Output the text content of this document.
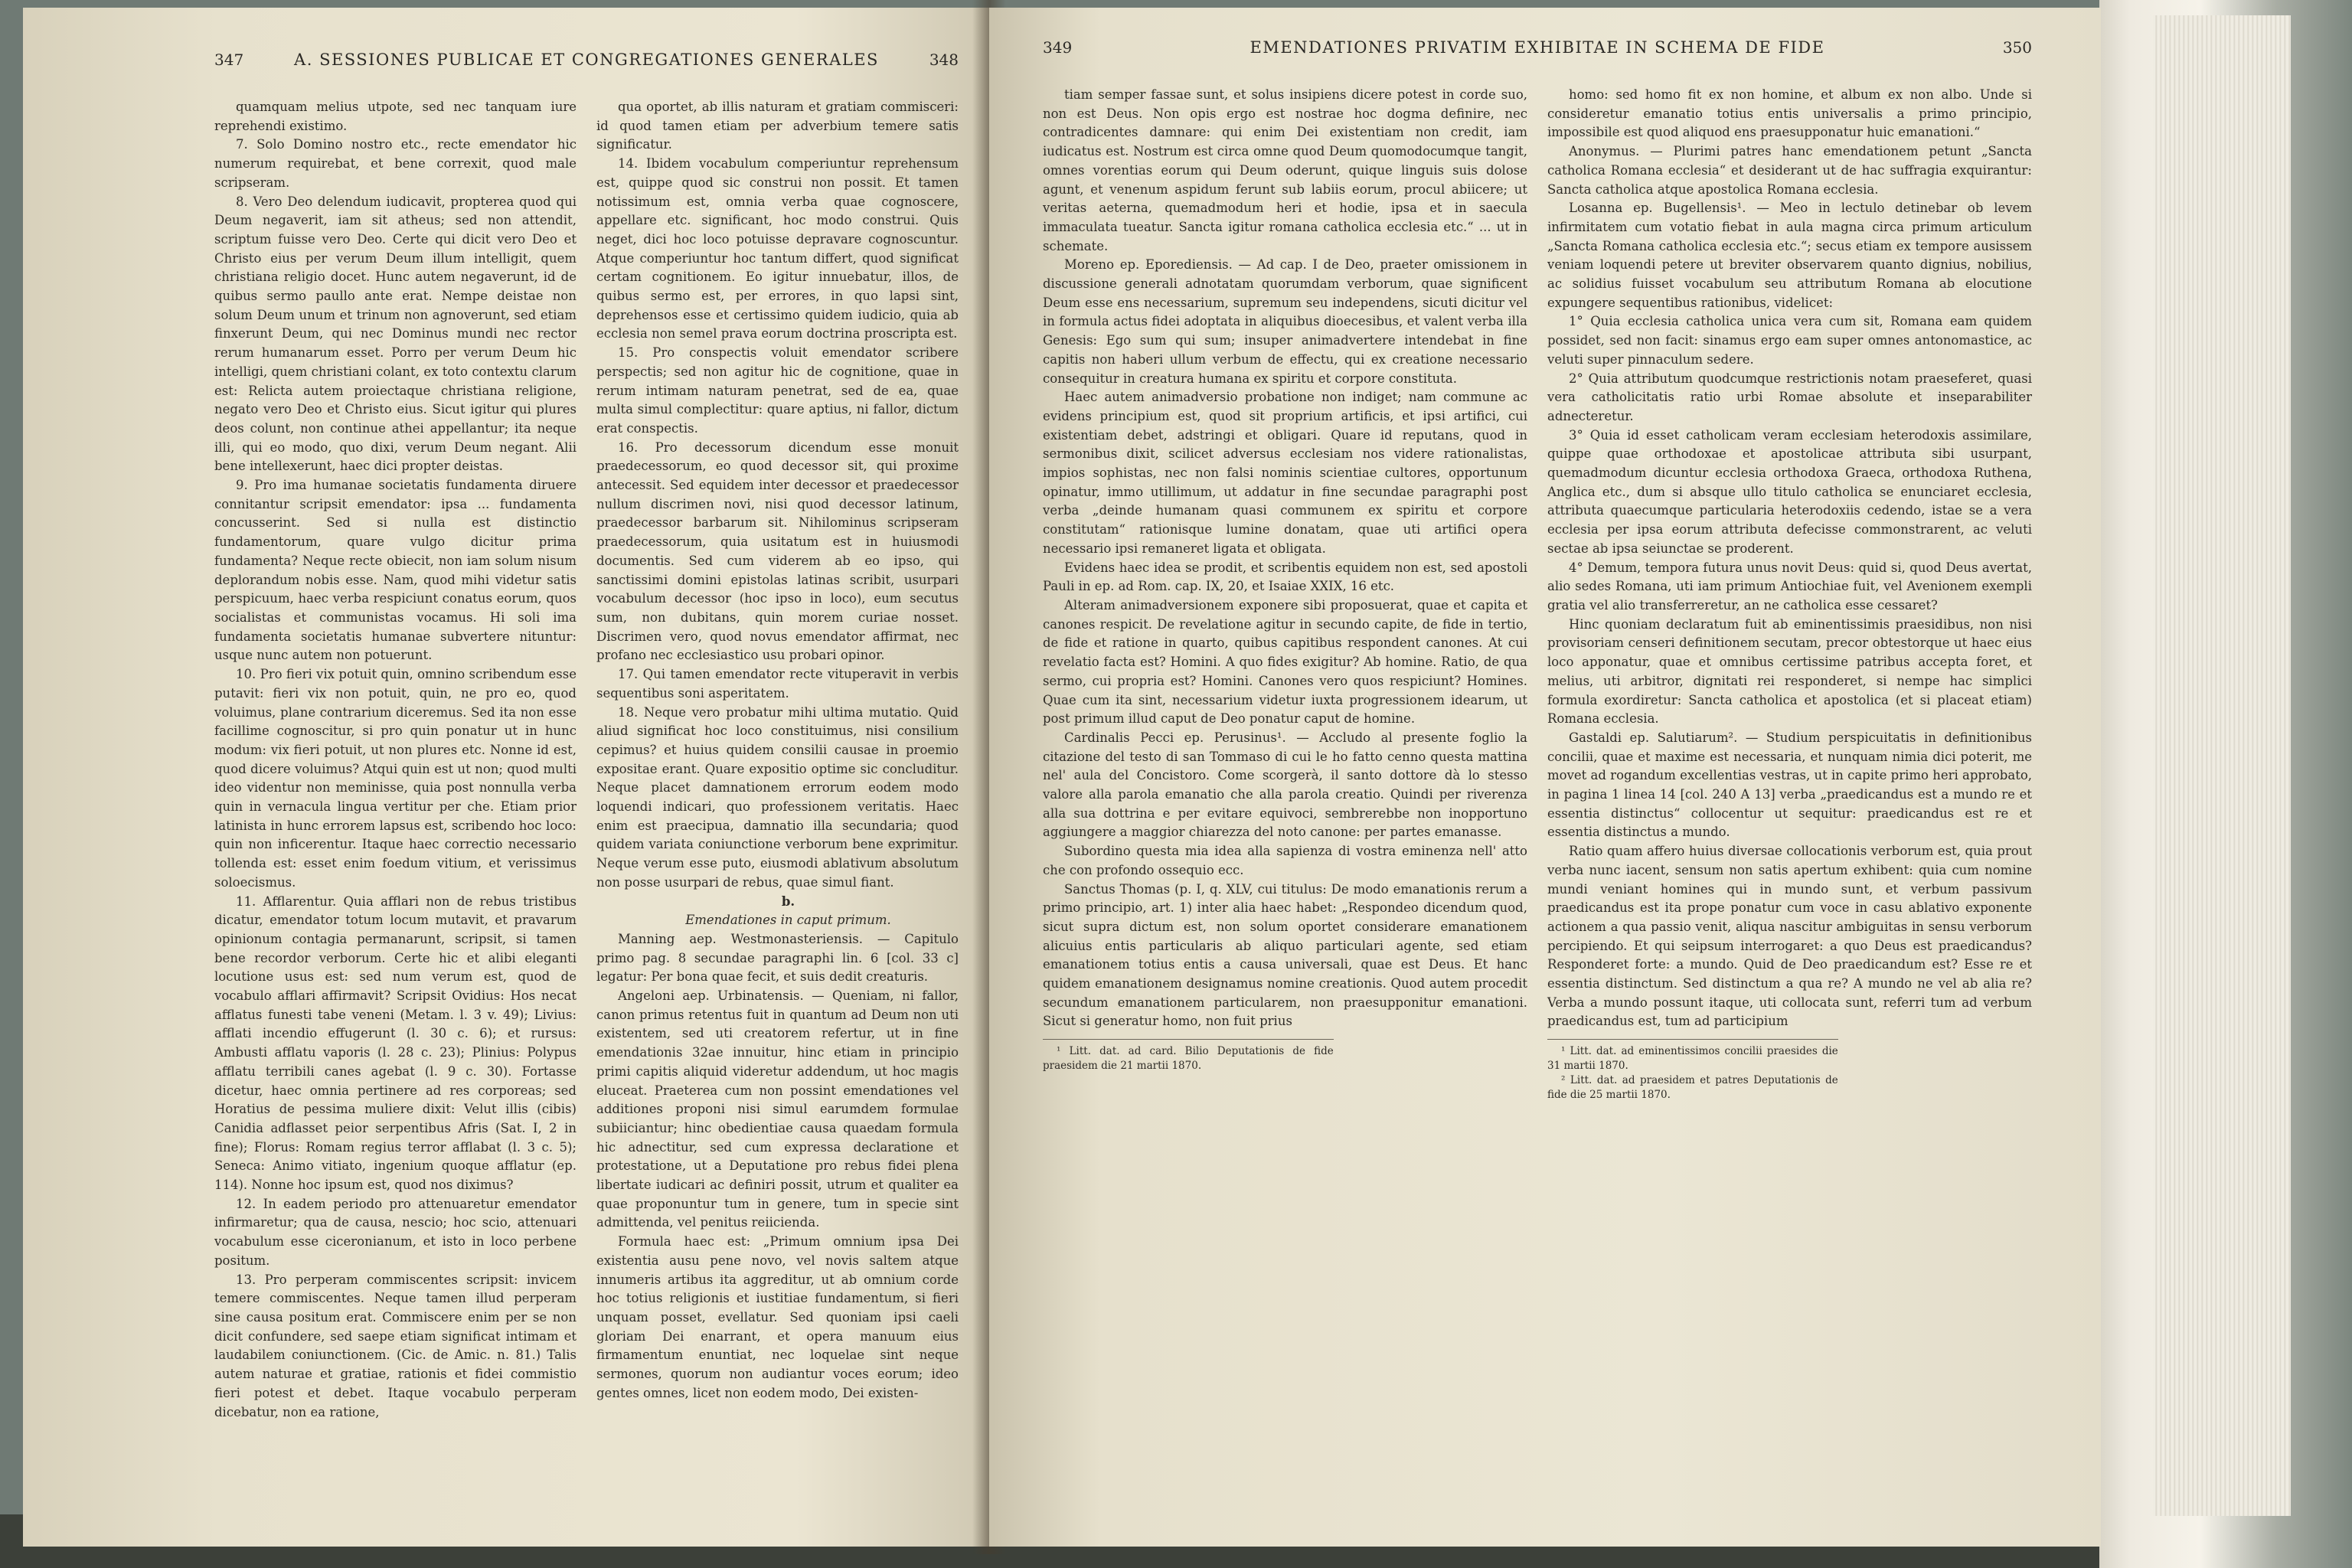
347	A. SESSIONES PUBLICAE ET CONGREGATIONES GENERALES	348

quamquam melius utpote, sed nec tanquam iure reprehendi existimo.

7. Solo Domino nostro etc., recte emendator hic numerum requirebat, et bene correxit, quod male scripseram.

8. Vero Deo delendum iudicavit, propterea quod qui Deum negaverit, iam sit atheus; sed non attendit, scriptum fuisse vero Deo. Certe qui dicit vero Deo et Christo eius per verum Deum illum intelligit, quem christiana religio docet. Hunc autem negaverunt, id de quibus sermo paullo ante erat. Nempe deistae non solum Deum unum et trinum non agnoverunt, sed etiam finxerunt Deum, qui nec Dominus mundi nec rector rerum humanarum esset. Porro per verum Deum hic intelligi, quem christiani colant, ex toto contextu clarum est: Relicta autem proiectaque christiana religione, negato vero Deo et Christo eius. Sicut igitur qui plures deos colunt, non continue athei appellantur; ita neque illi, qui eo modo, quo dixi, verum Deum negant. Alii bene intellexerunt, haec dici propter deistas.

9. Pro ima humanae societatis fundamenta diruere connitantur scripsit emendator: ipsa ... fundamenta concusserint. Sed si nulla est distinctio fundamentorum, quare vulgo dicitur prima fundamenta? Neque recte obiecit, non iam solum nisum deplorandum nobis esse. Nam, quod mihi videtur satis perspicuum, haec verba respiciunt conatus eorum, quos socialistas et communistas vocamus. Hi soli ima fundamenta societatis humanae subvertere nituntur: usque nunc autem non potuerunt.

10. Pro fieri vix potuit quin, omnino scribendum esse putavit: fieri vix non potuit, quin, ne pro eo, quod voluimus, plane contrarium diceremus. Sed ita non esse facillime cognoscitur, si pro quin ponatur ut in hunc modum: vix fieri potuit, ut non plures etc. Nonne id est, quod dicere voluimus? Atqui quin est ut non; quod multi ideo videntur non meminisse, quia post nonnulla verba quin in vernacula lingua vertitur per che. Etiam prior latinista in hunc errorem lapsus est, scribendo hoc loco: quin non inficerentur. Itaque haec correctio necessario tollenda est: esset enim foedum vitium, et verissimus soloecismus.

11. Afflarentur. Quia afflari non de rebus tristibus dicatur, emendator totum locum mutavit, et pravarum opinionum contagia permanarunt, scripsit, si tamen bene recordor verborum. Certe hic et alibi eleganti locutione usus est: sed num verum est, quod de vocabulo afflari affirmavit? Scripsit Ovidius: Hos necat afflatus funesti tabe veneni (Metam. l. 3 v. 49); Livius: afflati incendio effugerunt (l. 30 c. 6); et rursus: Ambusti afflatu vaporis (l. 28 c. 23); Plinius: Polypus afflatu terribili canes agebat (l. 9 c. 30). Fortasse dicetur, haec omnia pertinere ad res corporeas; sed Horatius de pessima muliere dixit: Velut illis (cibis) Canidia adflasset peior serpentibus Afris (Sat. I, 2 in fine); Florus: Romam regius terror afflabat (l. 3 c. 5); Seneca: Animo vitiato, ingenium quoque afflatur (ep. 114). Nonne hoc ipsum est, quod nos diximus?

12. In eadem periodo pro attenuaretur emendator infirmaretur; qua de causa, nescio; hoc scio, attenuari vocabulum esse ciceronianum, et isto in loco perbene positum.

13. Pro perperam commiscentes scripsit: invicem temere commiscentes. Neque tamen illud perperam sine causa positum erat. Commiscere enim per se non dicit confundere, sed saepe etiam significat intimam et laudabilem coniunctionem. (Cic. de Amic. n. 81.) Talis autem naturae et gratiae, rationis et fidei commistio fieri potest et debet. Itaque vocabulo perperam dicebatur, non ea ratione,

qua oportet, ab illis naturam et gratiam commisceri: id quod tamen etiam per adverbium temere satis significatur.

14. Ibidem vocabulum comperiuntur reprehensum est, quippe quod sic construi non possit. Et tamen notissimum est, omnia verba quae cognoscere, appellare etc. significant, hoc modo construi. Quis neget, dici hoc loco potuisse depravare cognoscuntur. Atque comperiuntur hoc tantum differt, quod significat certam cognitionem. Eo igitur innuebatur, illos, de quibus sermo est, per errores, in quo lapsi sint, deprehensos esse et certissimo quidem iudicio, quia ab ecclesia non semel prava eorum doctrina proscripta est.

15. Pro conspectis voluit emendator scribere perspectis; sed non agitur hic de cognitione, quae in rerum intimam naturam penetrat, sed de ea, quae multa simul complectitur: quare aptius, ni fallor, dictum erat conspectis.

16. Pro decessorum dicendum esse monuit praedecessorum, eo quod decessor sit, qui proxime antecessit. Sed equidem inter decessor et praedecessor nullum discrimen novi, nisi quod decessor latinum, praedecessor barbarum sit. Nihilominus scripseram praedecessorum, quia usitatum est in huiusmodi documentis. Sed cum viderem ab eo ipso, qui sanctissimi domini epistolas latinas scribit, usurpari vocabulum decessor (hoc ipso in loco), eum secutus sum, non dubitans, quin morem curiae nosset. Discrimen vero, quod novus emendator affirmat, nec profano nec ecclesiastico usu probari opinor.

17. Qui tamen emendator recte vituperavit in verbis sequentibus soni asperitatem.

18. Neque vero probatur mihi ultima mutatio. Quid aliud significat hoc loco constituimus, nisi consilium cepimus? et huius quidem consilii causae in proemio expositae erant. Quare expositio optime sic concluditur. Neque placet damnationem errorum eodem modo loquendi indicari, quo professionem veritatis. Haec enim est praecipua, damnatio illa secundaria; quod quidem variata coniunctione verborum bene exprimitur. Neque verum esse puto, eiusmodi ablativum absolutum non posse usurpari de rebus, quae simul fiant.

b.

Emendationes in caput primum.

Manning aep. Westmonasteriensis. — Capitulo primo pag. 8 secundae paragraphi lin. 6 [col. 33 c] legatur: Per bona quae fecit, et suis dedit creaturis.

Angeloni aep. Urbinatensis. — Queniam, ni fallor, canon primus retentus fuit in quantum ad Deum non uti existentem, sed uti creatorem refertur, ut in fine emendationis 32ae innuitur, hinc etiam in principio primi capitis aliquid videretur addendum, ut hoc magis eluceat. Praeterea cum non possint emendationes vel additiones proponi nisi simul earumdem formulae subiiciantur; hinc obedientiae causa quaedam formula hic adnectitur, sed cum expressa declaratione et protestatione, ut a Deputatione pro rebus fidei plena libertate iudicari ac definiri possit, utrum et qualiter ea quae proponuntur tum in genere, tum in specie sint admittenda, vel penitus reiicienda.

Formula haec est: „Primum omnium ipsa Dei existentia ausu pene novo, vel novis saltem atque innumeris artibus ita aggreditur, ut ab omnium corde hoc totius religionis et iustitiae fundamentum, si fieri unquam posset, evellatur. Sed quoniam ipsi caeli gloriam Dei enarrant, et opera manuum eius firmamentum enuntiat, nec loquelae sint neque sermones, quorum non audiantur voces eorum; ideo gentes omnes, licet non eodem modo, Dei existen-

349	EMENDATIONES PRIVATIM EXHIBITAE IN SCHEMA DE FIDE	350

tiam semper fassae sunt, et solus insipiens dicere potest in corde suo, non est Deus. Non opis ergo est nostrae hoc dogma definire, nec contradicentes damnare: qui enim Dei existentiam non credit, iam iudicatus est. Nostrum est circa omne quod Deum quomodocumque tangit, omnes vorentias eorum qui Deum oderunt, quique linguis suis dolose agunt, et venenum aspidum ferunt sub labiis eorum, procul abiicere; ut veritas aeterna, quemadmodum heri et hodie, ipsa et in saecula immaculata tueatur. Sancta igitur romana catholica ecclesia etc.“ ... ut in schemate.

Moreno ep. Eporediensis. — Ad cap. I de Deo, praeter omissionem in discussione generali adnotatam quorumdam verborum, quae significent Deum esse ens necessarium, supremum seu independens, sicuti dicitur vel in formula actus fidei adoptata in aliquibus dioecesibus, et valent verba illa Genesis: Ego sum qui sum; insuper animadvertere intendebat in fine capitis non haberi ullum verbum de effectu, qui ex creatione necessario consequitur in creatura humana ex spiritu et corpore constituta.

Haec autem animadversio probatione non indiget; nam commune ac evidens principium est, quod sit proprium artificis, et ipsi artifici, cui existentiam debet, adstringi et obligari. Quare id reputans, quod in sermonibus dixit, scilicet adversus ecclesiam nos videre rationalistas, impios sophistas, nec non falsi nominis scientiae cultores, opportunum opinatur, immo utillimum, ut addatur in fine secundae paragraphi post verba „deinde humanam quasi communem ex spiritu et corpore constitutam“ rationisque lumine donatam, quae uti artifici opera necessario ipsi remaneret ligata et obligata.

Evidens haec idea se prodit, et scribentis equidem non est, sed apostoli Pauli in ep. ad Rom. cap. IX, 20, et Isaiae XXIX, 16 etc.

Alteram animadversionem exponere sibi proposuerat, quae et capita et canones respicit. De revelatione agitur in secundo capite, de fide in tertio, de fide et ratione in quarto, quibus capitibus respondent canones. At cui revelatio facta est? Homini. A quo fides exigitur? Ab homine. Ratio, de qua sermo, cui propria est? Homini. Canones vero quos respiciunt? Homines. Quae cum ita sint, necessarium videtur iuxta progressionem idearum, ut post primum illud caput de Deo ponatur caput de homine.

Cardinalis Pecci ep. Perusinus¹. — Accludo al presente foglio la citazione del testo di san Tommaso di cui le ho fatto cenno questa mattina nel' aula del Concistoro. Come scorgerà, il santo dottore dà lo stesso valore alla parola emanatio che alla parola creatio. Quindi per riverenza alla sua dottrina e per evitare equivoci, sembrerebbe non inopportuno aggiungere a maggior chiarezza del noto canone: per partes emanasse.

Subordino questa mia idea alla sapienza di vostra eminenza nell' atto che con profondo ossequio ecc.

Sanctus Thomas (p. I, q. XLV, cui titulus: De modo emanationis rerum a primo principio, art. 1) inter alia haec habet: „Respondeo dicendum quod, sicut supra dictum est, non solum oportet considerare emanationem alicuius entis particularis ab aliquo particulari agente, sed etiam emanationem totius entis a causa universali, quae est Deus. Et hanc quidem emanationem designamus nomine creationis. Quod autem procedit secundum emanationem particularem, non praesupponitur emanationi. Sicut si generatur homo, non fuit prius

¹ Litt. dat. ad card. Bilio Deputationis de fide praesidem die 21 martii 1870.

homo: sed homo fit ex non homine, et album ex non albo. Unde si consideretur emanatio totius entis universalis a primo principio, impossibile est quod aliquod ens praesupponatur huic emanationi.“

Anonymus. — Plurimi patres hanc emendationem petunt „Sancta catholica Romana ecclesia“ et desiderant ut de hac suffragia exquirantur: Sancta catholica atque apostolica Romana ecclesia.

Losanna ep. Bugellensis¹. — Meo in lectulo detinebar ob levem infirmitatem cum votatio fiebat in aula magna circa primum articulum „Sancta Romana catholica ecclesia etc.“; secus etiam ex tempore ausissem veniam loquendi petere ut breviter observarem quanto dignius, nobilius, ac solidius fuisset vocabulum seu attributum Romana ab elocutione expungere sequentibus rationibus, videlicet:

1° Quia ecclesia catholica unica vera cum sit, Romana eam quidem possidet, sed non facit: sinamus ergo eam super omnes antonomastice, ac veluti super pinnaculum sedere.

2° Quia attributum quodcumque restrictionis notam praeseferet, quasi vera catholicitatis ratio urbi Romae absolute et inseparabiliter adnecteretur.

3° Quia id esset catholicam veram ecclesiam heterodoxis assimilare, quippe quae orthodoxae et apostolicae attributa sibi usurpant, quemadmodum dicuntur ecclesia orthodoxa Graeca, orthodoxa Ruthena, Anglica etc., dum si absque ullo titulo catholica se enunciaret ecclesia, attributa quaecumque particularia heterodoxiis cedendo, istae se a vera ecclesia per ipsa eorum attributa defecisse commonstrarent, ac veluti sectae ab ipsa seiunctae se proderent.

4° Demum, tempora futura unus novit Deus: quid si, quod Deus avertat, alio sedes Romana, uti iam primum Antiochiae fuit, vel Avenionem exempli gratia vel alio transferreretur, an ne catholica esse cessaret?

Hinc quoniam declaratum fuit ab eminentissimis praesidibus, non nisi provisoriam censeri definitionem secutam, precor obtestorque ut haec eius loco apponatur, quae et omnibus certissime patribus accepta foret, et melius, uti arbitror, dignitati rei responderet, si nempe hac simplici formula exordiretur: Sancta catholica et apostolica (et si placeat etiam) Romana ecclesia.

Gastaldi ep. Salutiarum². — Studium perspicuitatis in definitionibus concilii, quae et maxime est necessaria, et nunquam nimia dici poterit, me movet ad rogandum excellentias vestras, ut in capite primo heri approbato, in pagina 1 linea 14 [col. 240 A 13] verba „praedicandus est a mundo re et essentia distinctus“ collocentur ut sequitur: praedicandus est re et essentia distinctus a mundo.

Ratio quam affero huius diversae collocationis verborum est, quia prout verba nunc iacent, sensum non satis apertum exhibent: quia cum nomine mundi veniant homines qui in mundo sunt, et verbum passivum praedicandus est ita prope ponatur cum voce in casu ablativo exponente actionem a qua passio venit, aliqua nascitur ambiguitas in sensu verborum percipiendo. Et qui seipsum interrogaret: a quo Deus est praedicandus? Responderet forte: a mundo. Quid de Deo praedicandum est? Esse re et essentia distinctum. Sed distinctum a qua re? A mundo ne vel ab alia re? Verba a mundo possunt itaque, uti collocata sunt, referri tum ad verbum praedicandus est, tum ad participium

¹ Litt. dat. ad eminentissimos concilii praesides die 31 martii 1870.

² Litt. dat. ad praesidem et patres Deputationis de fide die 25 martii 1870.
